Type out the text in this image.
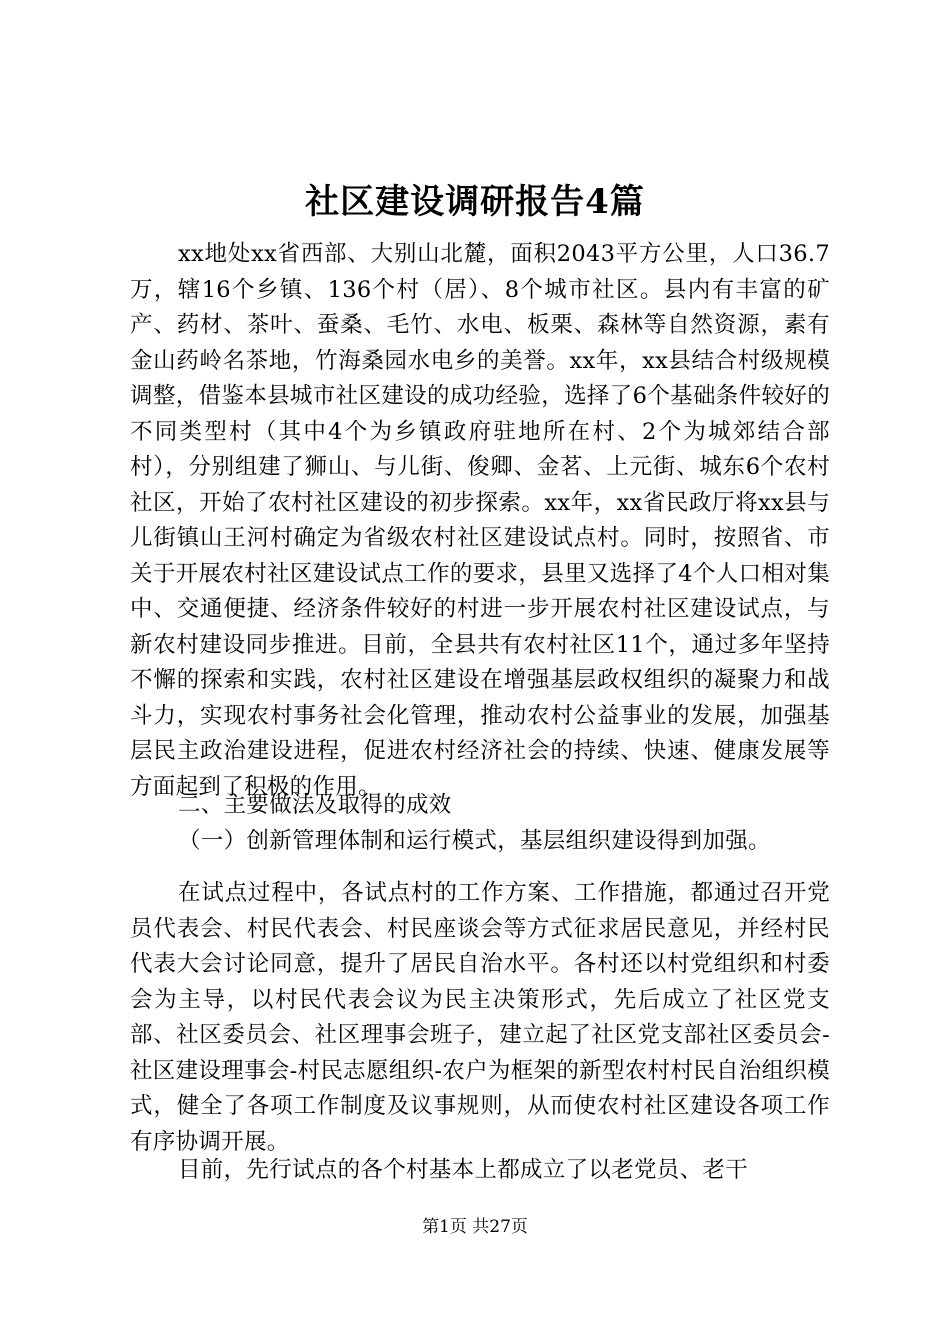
社区建设调研报告4篇
xx地处xx省西部、大别山北麓，面积2043平方公里，人口36.7万，辖16个乡镇、136个村（居）、8个城市社区。县内有丰富的矿产、药材、茶叶、蚕桑、毛竹、水电、板栗、森林等自然资源，素有金山药岭名茶地，竹海桑园水电乡的美誉。xx年，xx县结合村级规模调整，借鉴本县城市社区建设的成功经验，选择了6个基础条件较好的不同类型村（其中4个为乡镇政府驻地所在村、2个为城郊结合部村），分别组建了狮山、与儿街、俊卿、金茗、上元街、城东6个农村社区，开始了农村社区建设的初步探索。xx年，xx省民政厅将xx县与儿街镇山王河村确定为省级农村社区建设试点村。同时，按照省、市关于开展农村社区建设试点工作的要求，县里又选择了4个人口相对集中、交通便捷、经济条件较好的村进一步开展农村社区建设试点，与新农村建设同步推进。目前，全县共有农村社区11个，通过多年坚持不懈的探索和实践，农村社区建设在增强基层政权组织的凝聚力和战斗力，实现农村事务社会化管理，推动农村公益事业的发展，加强基层民主政治建设进程，促进农村经济社会的持续、快速、健康发展等方面起到了积极的作用。
二、主要做法及取得的成效
（一）创新管理体制和运行模式，基层组织建设得到加强。
在试点过程中，各试点村的工作方案、工作措施，都通过召开党员代表会、村民代表会、村民座谈会等方式征求居民意见，并经村民代表大会讨论同意，提升了居民自治水平。各村还以村党组织和村委会为主导，以村民代表会议为民主决策形式，先后成立了社区党支部、社区委员会、社区理事会班子，建立起了社区党支部社区委员会-社区建设理事会-村民志愿组织-农户为框架的新型农村村民自治组织模式，健全了各项工作制度及议事规则，从而使农村社区建设各项工作有序协调开展。
目前，先行试点的各个村基本上都成立了以老党员、老干
第1页 共27页
